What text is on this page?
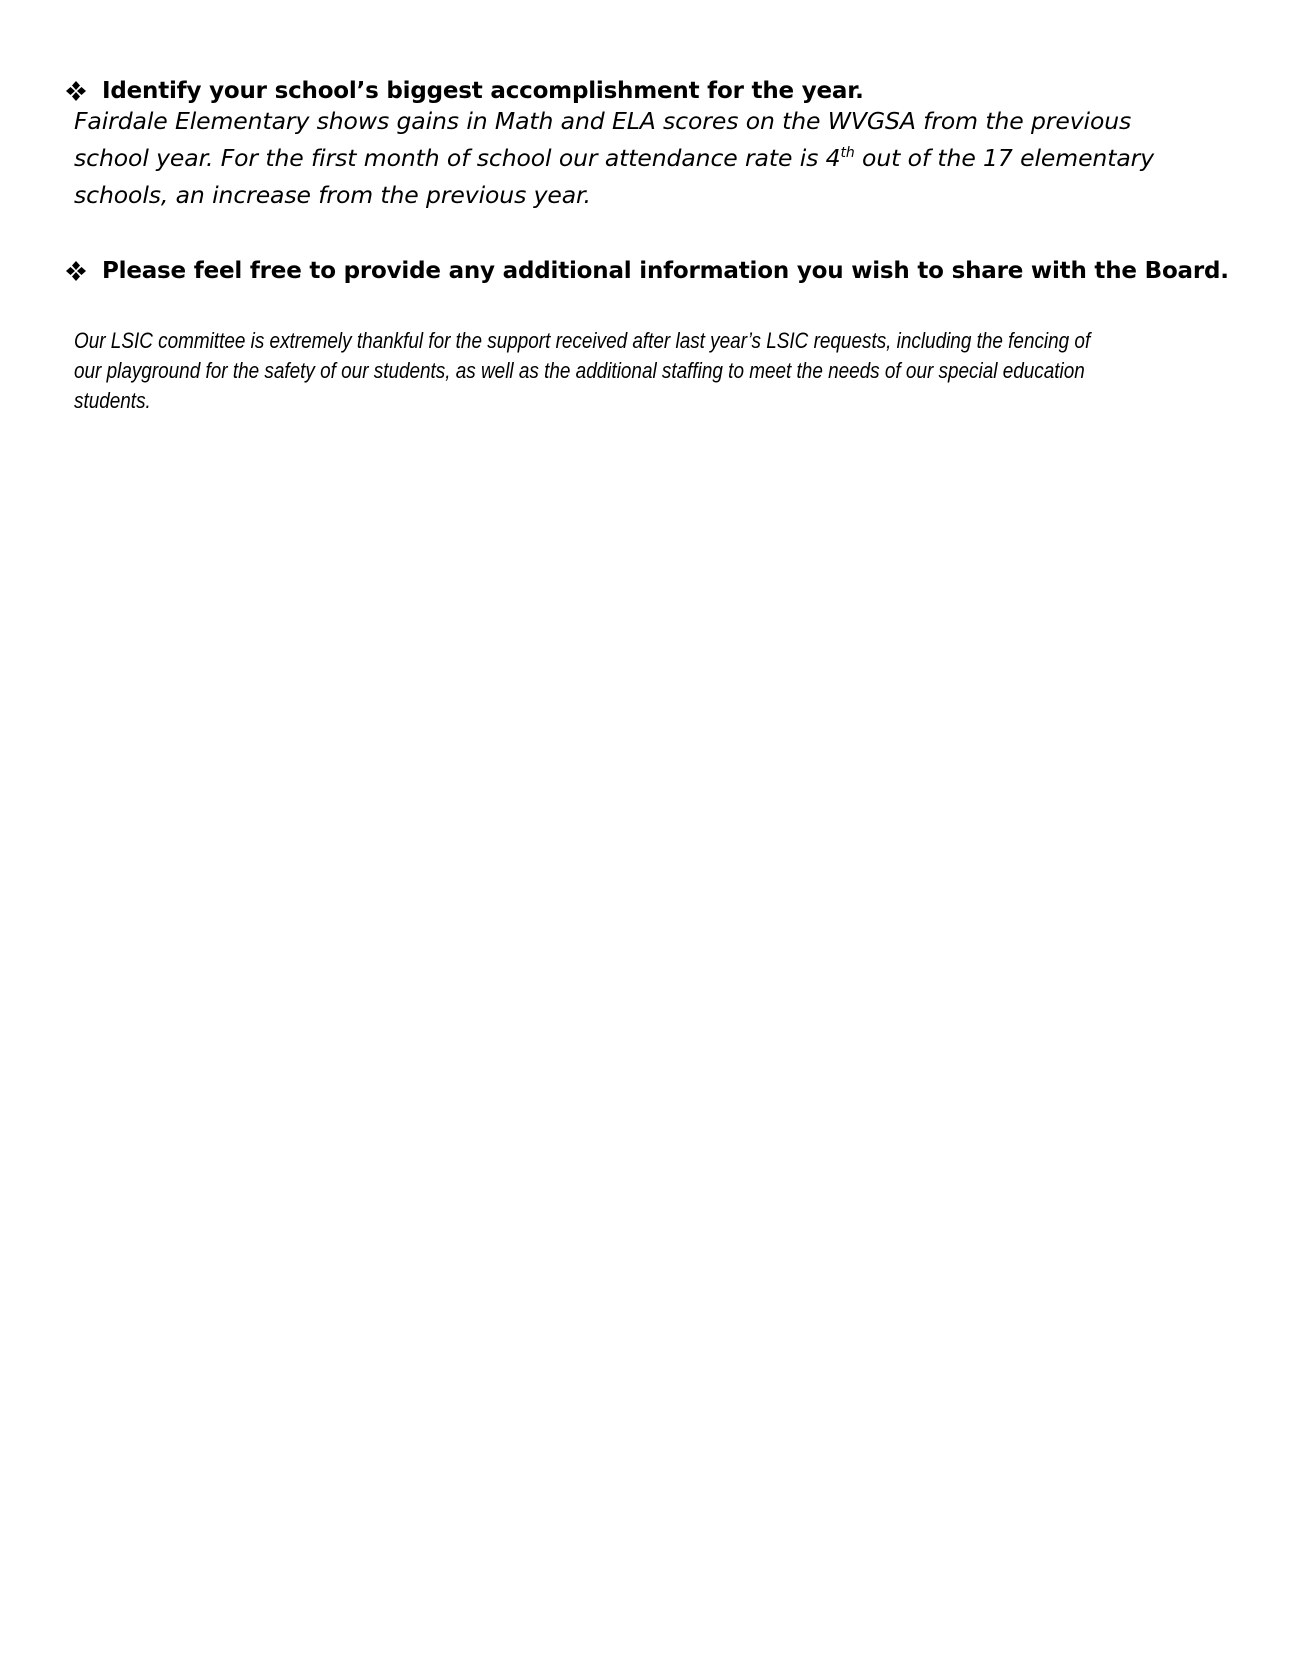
Identify your school’s biggest accomplishment for the year.
Fairdale Elementary shows gains in Math and ELA scores on the WVGSA from the previous
school year. For the first month of school our attendance rate is 4th out of the 17 elementary
schools, an increase from the previous year.
Please feel free to provide any additional information you wish to share with the Board.
Our LSIC committee is extremely thankful for the support received after last year’s LSIC requests, including the fencing of
our playground for the safety of our students, as well as the additional staffing to meet the needs of our special education
students.
